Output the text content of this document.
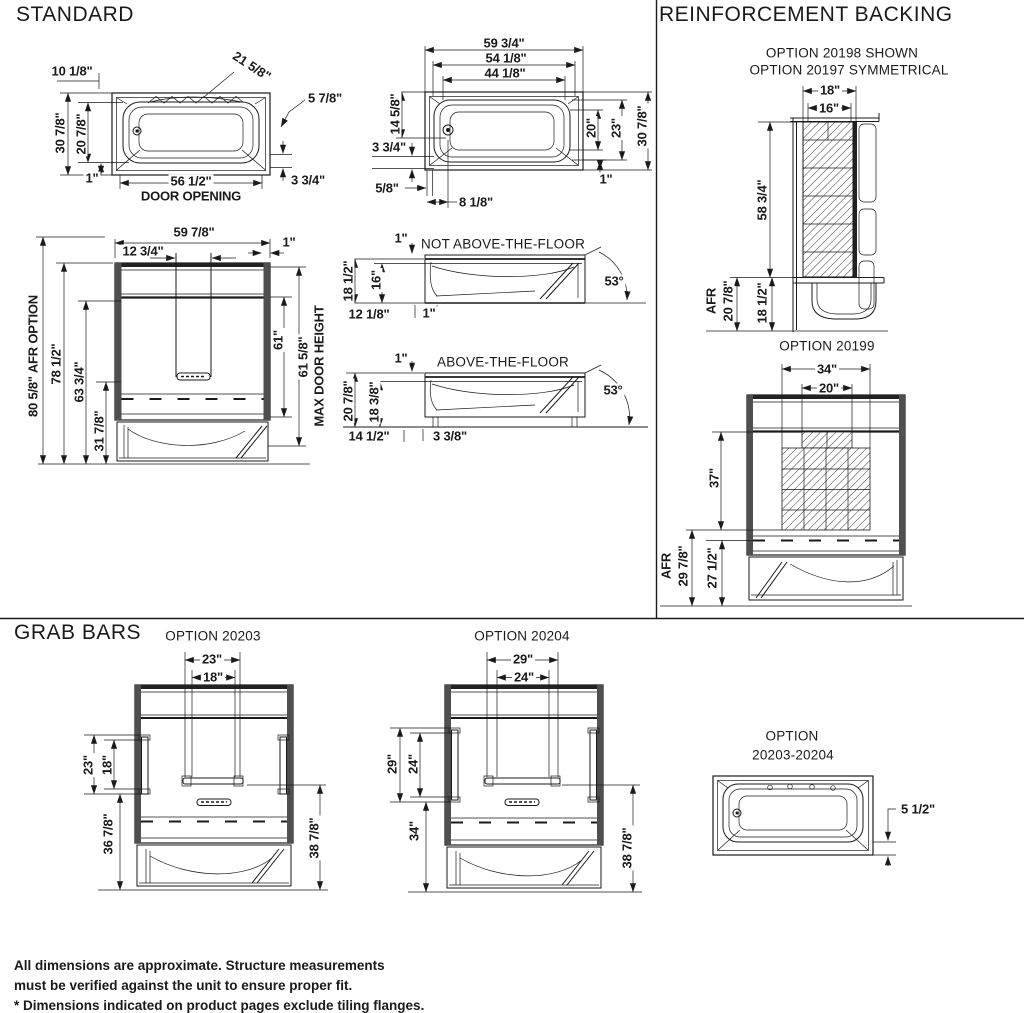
STANDARD	REINFORCEMENT BACKING
GRAB BARS
10 1/8"	21 5/8"
5 7/8"
30 7/8" 20 7/8"
1"	56 1/2"
DOOR OPENING
3 3/4"
59 3/4"
54 1/8"
44 1/8"
14 5/8"
3 3/4"
5/8"
8 1/8"
20" 23" 30 7/8"
1"
59 7/8"
12 3/4"
1"
80 5/8" AFR OPTION 78 1/2" 63 3/4"
31 7/8"
61" 61 5/8" MAX DOOR HEIGHT
1" NOT ABOVE-THE-FLOOR
18 1/2" 16"
12 1/8"	1"
53°
1" ABOVE-THE-FLOOR
20 7/8" 18 3/8"
14 1/2"	3 3/8"
53°
OPTION 20198 SHOWN
OPTION 20197 SYMMETRICAL
18"
16"
58 3/4"
AFR 20 7/8" 18 1/2"
OPTION 20199
34"
20"
37"
AFR 29 7/8" 27 1/2"
OPTION 20203
23"
18"
23" 18"
36 7/8"	38 7/8"
OPTION 20204
29"
24"
29" 24"
34"	38 7/8"
OPTION
20203-20204
5 1/2"
All dimensions are approximate. Structure measurements
must be verified against the unit to ensure proper fit.
* Dimensions indicated on product pages exclude tiling flanges.
